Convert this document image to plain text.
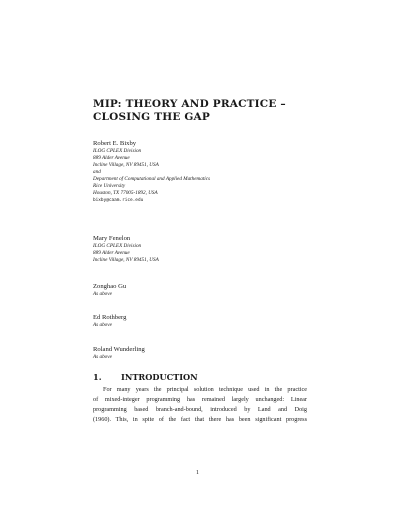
MIP: THEORY AND PRACTICE –
CLOSING THE GAP
Robert E. Bixby
ILOG CPLEX Division
889 Alder Avenue
Incline Village, NV 89451, USA
and
Department of Computational and Applied Mathematics
Rice University
Houston, TX 77005-1892, USA
bixby@caam.rice.edu
Mary Fenelon
ILOG CPLEX Division
889 Alder Avenue
Incline Village, NV 89451, USA
Zonghao Gu
As above
Ed Rothberg
As above
Roland Wunderling
As above
1. INTRODUCTION
For many years the principal solution technique used in the practice
of mixed-integer programming has remained largely unchanged: Linear
programming based branch-and-bound, introduced by Land and Doig
(1960). This, in spite of the fact that there has been significant progress
1
